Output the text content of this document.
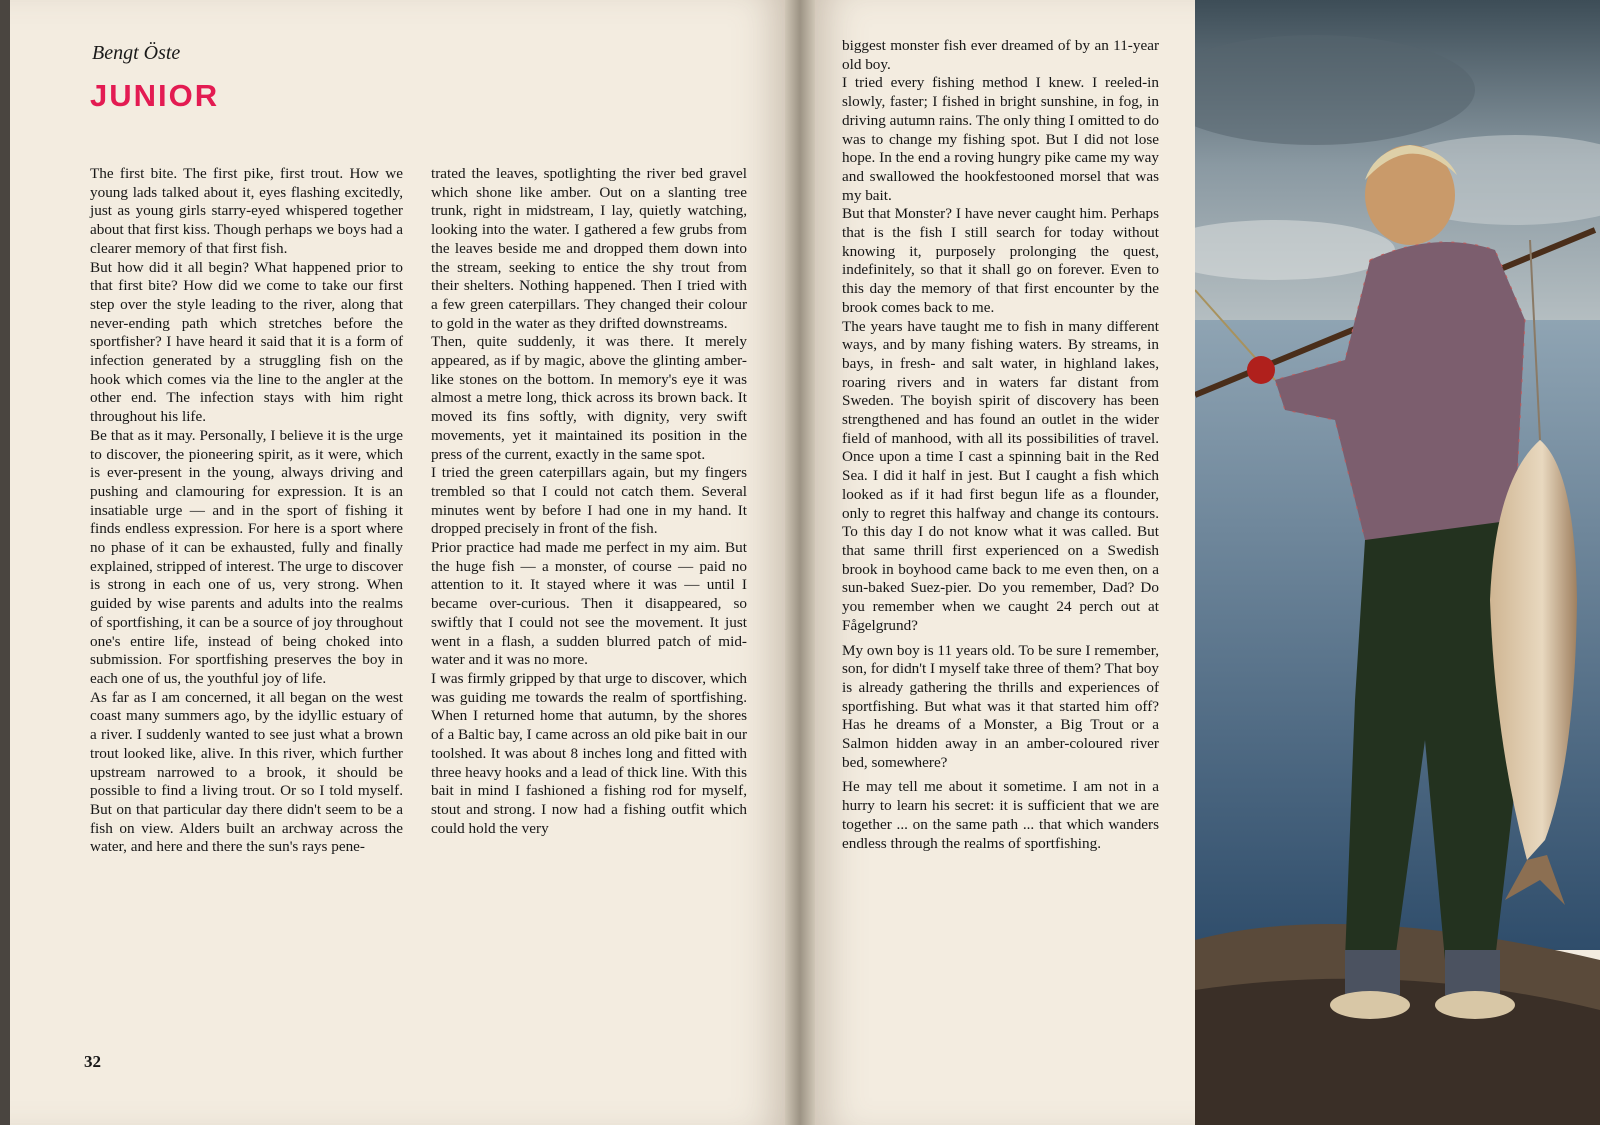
Bengt Öste
JUNIOR

The first bite. The first pike, first trout. How we young lads talked about it, eyes flashing excitedly, just as young girls starry-eyed whispered together about that first kiss. Though perhaps we boys had a clearer memory of that first fish.

But how did it all begin? What happened prior to that first bite? How did we come to take our first step over the style leading to the river, along that never-ending path which stretches before the sportfisher? I have heard it said that it is a form of infection generated by a struggling fish on the hook which comes via the line to the angler at the other end. The infection stays with him right throughout his life.

Be that as it may. Personally, I believe it is the urge to discover, the pioneering spirit, as it were, which is ever-present in the young, always driving and pushing and clamouring for expression. It is an insatiable urge — and in the sport of fishing it finds endless expression. For here is a sport where no phase of it can be exhausted, fully and finally explained, stripped of interest. The urge to discover is strong in each one of us, very strong. When guided by wise parents and adults into the realms of sportfishing, it can be a source of joy throughout one's entire life, instead of being choked into submission. For sportfishing preserves the boy in each one of us, the youthful joy of life.

As far as I am concerned, it all began on the west coast many summers ago, by the idyllic estuary of a river. I suddenly wanted to see just what a brown trout looked like, alive. In this river, which further upstream narrowed to a brook, it should be possible to find a living trout. Or so I told myself. But on that particular day there didn't seem to be a fish on view. Alders built an archway across the water, and here and there the sun's rays pene-

trated the leaves, spotlighting the river bed gravel which shone like amber. Out on a slanting tree trunk, right in midstream, I lay, quietly watching, looking into the water. I gathered a few grubs from the leaves beside me and dropped them down into the stream, seeking to entice the shy trout from their shelters. Nothing happened. Then I tried with a few green caterpillars. They changed their colour to gold in the water as they drifted downstreams.

Then, quite suddenly, it was there. It merely appeared, as if by magic, above the glinting amber-like stones on the bottom. In memory's eye it was almost a metre long, thick across its brown back. It moved its fins softly, with dignity, very swift movements, yet it maintained its position in the press of the current, exactly in the same spot.

I tried the green caterpillars again, but my fingers trembled so that I could not catch them. Several minutes went by before I had one in my hand. It dropped precisely in front of the fish.

Prior practice had made me perfect in my aim. But the huge fish — a monster, of course — paid no attention to it. It stayed where it was — until I became over-curious. Then it disappeared, so swiftly that I could not see the movement. It just went in a flash, a sudden blurred patch of mid-water and it was no more.

I was firmly gripped by that urge to discover, which was guiding me towards the realm of sportfishing. When I returned home that autumn, by the shores of a Baltic bay, I came across an old pike bait in our toolshed. It was about 8 inches long and fitted with three heavy hooks and a lead of thick line. With this bait in mind I fashioned a fishing rod for myself, stout and strong. I now had a fishing outfit which could hold the very

32

biggest monster fish ever dreamed of by an 11-year old boy.

I tried every fishing method I knew. I reeled-in slowly, faster; I fished in bright sunshine, in fog, in driving autumn rains. The only thing I omitted to do was to change my fishing spot. But I did not lose hope. In the end a roving hungry pike came my way and swallowed the hookfestooned morsel that was my bait.

But that Monster? I have never caught him. Perhaps that is the fish I still search for today without knowing it, purposely prolonging the quest, indefinitely, so that it shall go on forever. Even to this day the memory of that first encounter by the brook comes back to me.

The years have taught me to fish in many different ways, and by many fishing waters. By streams, in bays, in fresh- and salt water, in highland lakes, roaring rivers and in waters far distant from Sweden. The boyish spirit of discovery has been strengthened and has found an outlet in the wider field of manhood, with all its possibilities of travel. Once upon a time I cast a spinning bait in the Red Sea. I did it half in jest. But I caught a fish which looked as if it had first begun life as a flounder, only to regret this halfway and change its contours. To this day I do not know what it was called. But that same thrill first experienced on a Swedish brook in boyhood came back to me even then, on a sun-baked Suez-pier. Do you remember, Dad? Do you remember when we caught 24 perch out at Fågelgrund?

My own boy is 11 years old. To be sure I remember, son, for didn't I myself take three of them? That boy is already gathering the thrills and experiences of sportfishing. But what was it that started him off? Has he dreams of a Monster, a Big Trout or a Salmon hidden away in an amber-coloured river bed, somewhere?

He may tell me about it sometime. I am not in a hurry to learn his secret: it is sufficient that we are together ... on the same path ... that which wanders endless through the realms of sportfishing.
